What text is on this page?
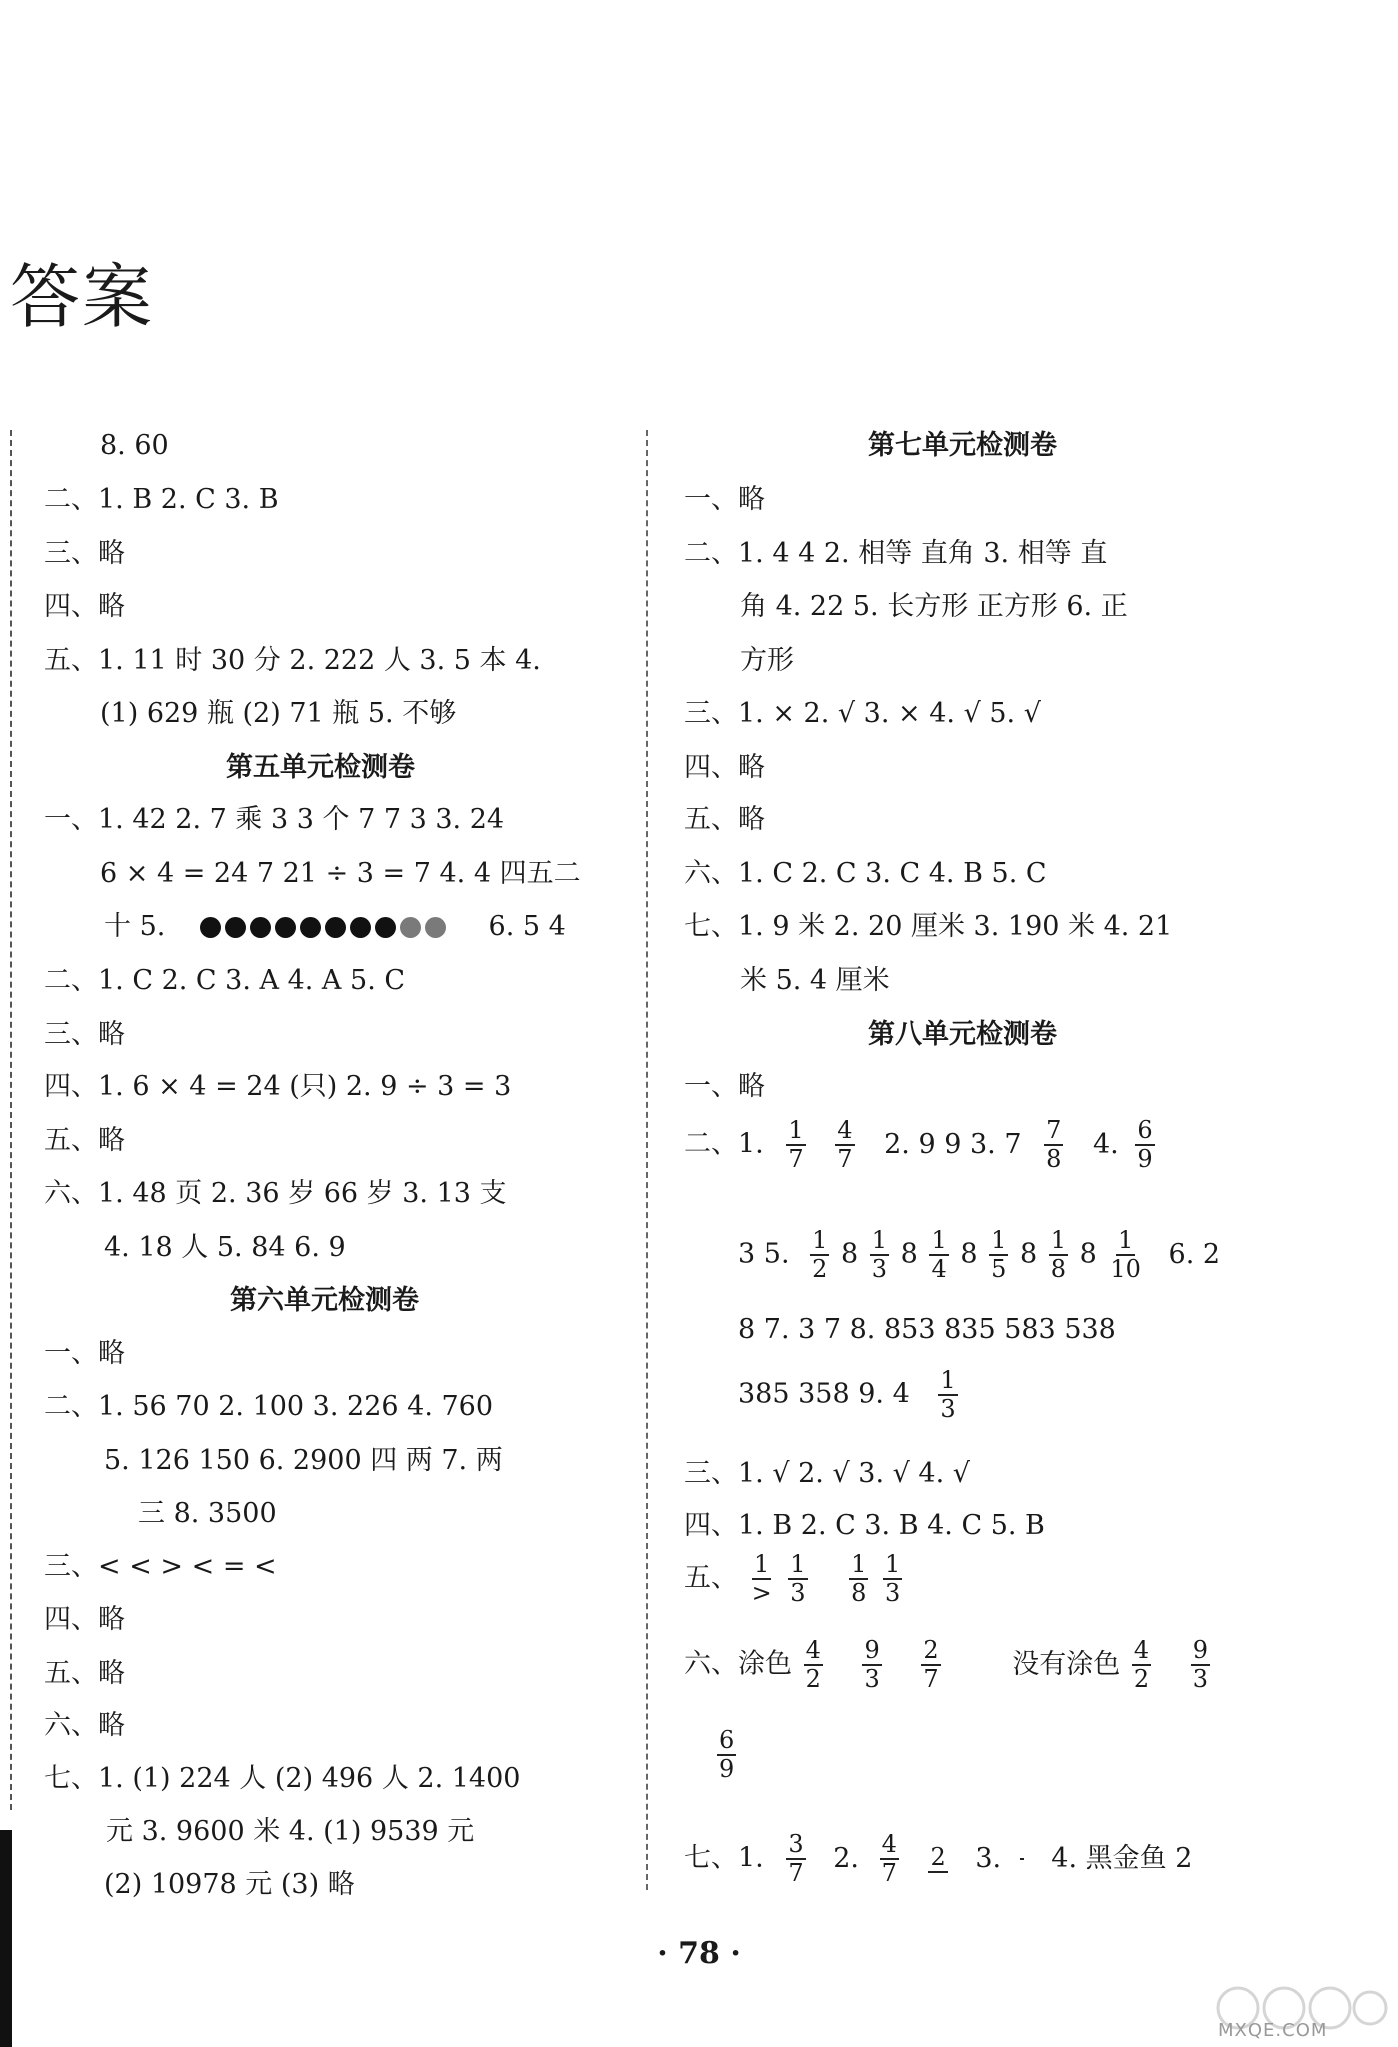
答案
8. 60
二、1. B 2. C 3. B
三、略
四、略
五、1. 11 时 30 分 2. 222 人 3. 5 本 4.
(1) 629 瓶 (2) 71 瓶 5. 不够
第五单元检测卷
一、1. 42 2. 7 乘 3 3 个 7 7 3 3. 24
6 × 4 = 24 7 21 ÷ 3 = 7 4. 4 四五二
十 5.	6. 5 4
二、1. C 2. C 3. A 4. A 5. C
三、略
四、1. 6 × 4 = 24 (只) 2. 9 ÷ 3 = 3
五、略
六、1. 48 页 2. 36 岁 66 岁 3. 13 支
4. 18 人 5. 84 6. 9
第六单元检测卷
一、略
二、1. 56 70 2. 100 3. 226 4. 760
5. 126 150 6. 2900 四 两 7. 两
三 8. 3500
三、< < > < = <
四、略
五、略
六、略
七、1. (1) 224 人 (2) 496 人 2. 1400
元 3. 9600 米 4. (1) 9539 元
(2) 10978 元 (3) 略
第七单元检测卷
一、略
二、1. 4 4 2. 相等 直角 3. 相等 直
角 4. 22 5. 长方形 正方形 6. 正
方形
三、1. × 2. √ 3. × 4. √ 5. √
四、略
五、略
六、1. C 2. C 3. C 4. B 5. C
七、1. 9 米 2. 20 厘米 3. 190 米 4. 21
米 5. 4 厘米
第八单元检测卷
一、略
二、1. $\frac{1}{7}$
$\frac{4}{7} 2$. 9 9 3. $7 \frac{7}{8} 4$. $\frac{6}{9}$
3 5. $\frac{1}{2} 8 \frac{1}{3} 8 \frac{1}{4} 8 \frac{1}{5} 8 \frac{1}{8} 8 \frac{1}{10} 6$. 2
8 7. 3 7 8. 853 835 583 538
385 358 9. $4 \frac{1}{3}$
三、1. √ 2. √ 3. √ 4. √
四、1. B 2. C 3. B 4. C 5. B
五、 $\frac{1}{>}$
$\frac{1}{3}$
$\frac{1}{8}$
$\frac{1}{3}$
六、涂色 $\frac{4}{2}$
$\frac{9}{3}$
$\frac{2}{7}$	没有涂色 $\frac{4}{2}$
$\frac{9}{3}$
$\frac{6}{9}$
七、1. $\frac{3}{7} 2$. $\frac{4}{7}$
2 3. 4. 黑金鱼 2
· 78 ·
MXQE.COM
